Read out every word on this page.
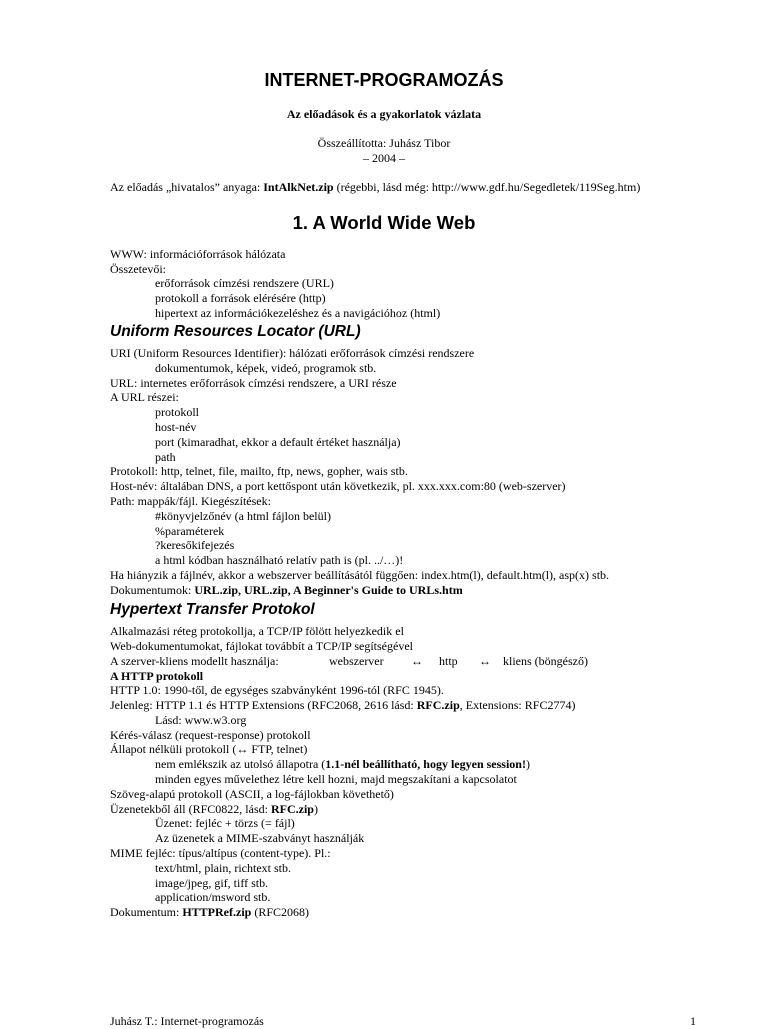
INTERNET-PROGRAMOZÁS
Az előadások és a gyakorlatok vázlata
Összeállította: Juhász Tibor
– 2004 –
Az előadás „hivatalos” anyaga: IntAlkNet.zip (régebbi, lásd még: http://www.gdf.hu/Segedletek/119Seg.htm)
1. A World Wide Web
WWW: információforrások hálózata
Összetevői:
erőforrások címzési rendszere (URL)
protokoll a források elérésére (http)
hipertext az információkezeléshez és a navigációhoz (html)
Uniform Resources Locator (URL)
URI (Uniform Resources Identifier): hálózati erőforrások címzési rendszere
dokumentumok, képek, videó, programok stb.
URL: internetes erőforrások címzési rendszere, a URI része
A URL részei:
protokoll
host-név
port (kimaradhat, ekkor a default értéket használja)
path
Protokoll: http, telnet, file, mailto, ftp, news, gopher, wais stb.
Host-név: általában DNS, a port kettőspont után következik, pl. xxx.xxx.com:80 (web-szerver)
Path: mappák/fájl. Kiegészítések:
#könyvjelzőnév (a html fájlon belül)
%paraméterek
?keresőkifejezés
a html kódban használható relatív path is (pl. ../…)!
Ha hiányzik a fájlnév, akkor a webszerver beállításától függően: index.htm(l), default.htm(l), asp(x) stb.
Dokumentumok: URL.zip, URL.zip, A Beginner's Guide to URLs.htm
Hypertext Transfer Protokol
Alkalmazási réteg protokollja, a TCP/IP fölött helyezkedik el
Web-dokumentumokat, fájlokat továbbít a TCP/IP segítségével
A szerver-kliens modellt használja:	webszerver ↔ http ↔ kliens (böngésző)
A HTTP protokoll
HTTP 1.0: 1990-től, de egységes szabványként 1996-tól (RFC 1945).
Jelenleg: HTTP 1.1 és HTTP Extensions (RFC2068, 2616 lásd: RFC.zip, Extensions: RFC2774)
Lásd: www.w3.org
Kérés-válasz (request-response) protokoll
Állapot nélküli protokoll (↔ FTP, telnet)
nem emlékszik az utolsó állapotra (1.1-nél beállítható, hogy legyen session!)
minden egyes művelethez létre kell hozni, majd megszakítani a kapcsolatot
Szöveg-alapú protokoll (ASCII, a log-fájlokban követhető)
Üzenetekből áll (RFC0822, lásd: RFC.zip)
Üzenet: fejléc + törzs (= fájl)
Az üzenetek a MIME-szabványt használják
MIME fejléc: típus/altípus (content-type). Pl.:
text/html, plain, richtext stb.
image/jpeg, gif, tiff stb.
application/msword stb.
Dokumentum: HTTPRef.zip (RFC2068)
Juhász T.: Internet-programozás	1
